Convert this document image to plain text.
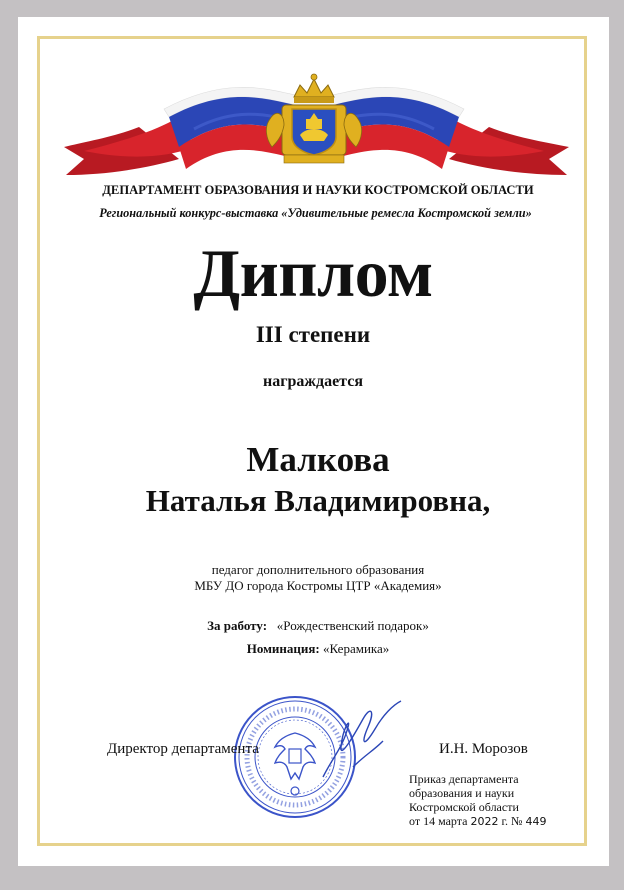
ДЕПАРТАМЕНТ ОБРАЗОВАНИЯ И НАУКИ КОСТРОМСКОЙ ОБЛАСТИ
Региональный конкурс-выставка «Удивительные ремесла Костромской земли»
Диплом
III степени
награждается
Малкова
Наталья Владимировна,
педагог дополнительного образования
МБУ ДО города Костромы ЦТР «Академия»
За работу: «Рождественский подарок»
Номинация: «Керамика»
Директор департамента	И.Н. Морозов
Приказ департамента
образования и науки
Костромской области
от 14 марта 2022 г. № 449
